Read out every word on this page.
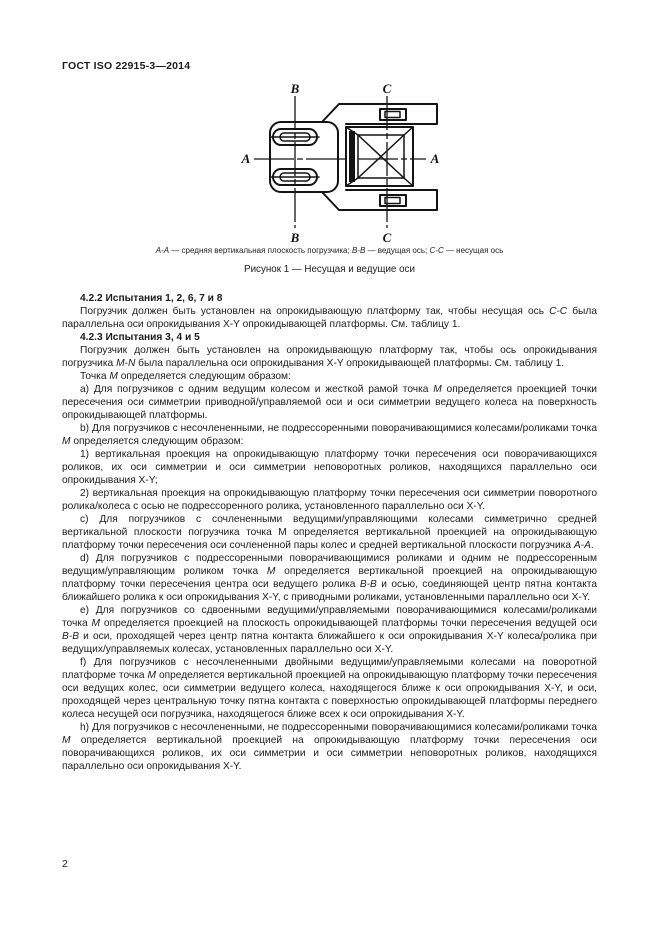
ГОСТ ISO 22915-3—2014
A	A
B
B
C
C

A-A — средняя вертикальная плоскость погрузчика; B-B — ведущая ось; C-C — несущая ось

Рисунок 1 — Несущая и ведущие оси

4.2.2 Испытания 1, 2, 6, 7 и 8

Погрузчик должен быть установлен на опрокидывающую платформу так, чтобы несущая ось C-C была параллельна оси опрокидывания X-Y опрокидывающей платформы. См. таблицу 1.

4.2.3 Испытания 3, 4 и 5

Погрузчик должен быть установлен на опрокидывающую платформу так, чтобы ось опрокидывания погрузчика M-N была параллельна оси опрокидывания X-Y опрокидывающей платформы. См. таблицу 1.

Точка M определяется следующим образом:

a) Для погрузчиков с одним ведущим колесом и жесткой рамой точка M определяется проекцией точки пересечения оси симметрии приводной/управляемой оси и оси симметрии ведущего колеса на поверхность опрокидывающей платформы.

b) Для погрузчиков с несочлененными, не подрессоренными поворачивающимися колесами/роликами точка M определяется следующим образом:

1) вертикальная проекция на опрокидывающую платформу точки пересечения оси поворачивающихся роликов, их оси симметрии и оси симметрии неповоротных роликов, находящихся параллельно оси опрокидывания X-Y;

2) вертикальная проекция на опрокидывающую платформу точки пересечения оси симметрии поворотного ролика/колеса с осью не подрессоренного ролика, установленного параллельно оси X-Y.

c) Для погрузчиков с сочлененными ведущими/управляющими колесами симметрично средней вертикальной плоскости погрузчика точка М определяется вертикальной проекцией на опрокидывающую платформу точки пересечения оси сочлененной пары колес и средней вертикальной плоскости погрузчика A-A.

d) Для погрузчиков с подрессоренными поворачивающимися роликами и одним не подрессоренным ведущим/управляющим роликом точка M определяется вертикальной проекцией на опрокидывающую платформу точки пересечения центра оси ведущего ролика B-B и осью, соединяющей центр пятна контакта ближайшего ролика к оси опрокидывания X-Y, с приводными роликами, установленными параллельно оси X-Y.

e) Для погрузчиков со сдвоенными ведущими/управляемыми поворачивающимися колесами/роликами точка M определяется проекцией на плоскость опрокидывающей платформы точки пересечения ведущей оси B-B и оси, проходящей через центр пятна контакта ближайшего к оси опрокидывания X-Y колеса/ролика при ведущих/управляемых колесах, установленных параллельно оси X-Y.

f) Для погрузчиков с несочлененными двойными ведущими/управляемыми колесами на поворотной платформе точка M определяется вертикальной проекцией на опрокидывающую платформу точки пересечения оси ведущих колес, оси симметрии ведущего колеса, находящегося ближе к оси опрокидывания X-Y, и оси, проходящей через центральную точку пятна контакта с поверхностью опрокидывающей платформы переднего колеса несущей оси погрузчика, находящегося ближе всех к оси опрокидывания X-Y.

h) Для погрузчиков с несочлененными, не подрессоренными поворачивающимися колесами/роликами точка M определяется вертикальной проекцией на опрокидывающую платформу точки пересечения оси поворачивающихся роликов, их оси симметрии и оси симметрии неповоротных роликов, находящихся параллельно оси опрокидывания X-Y.

2
